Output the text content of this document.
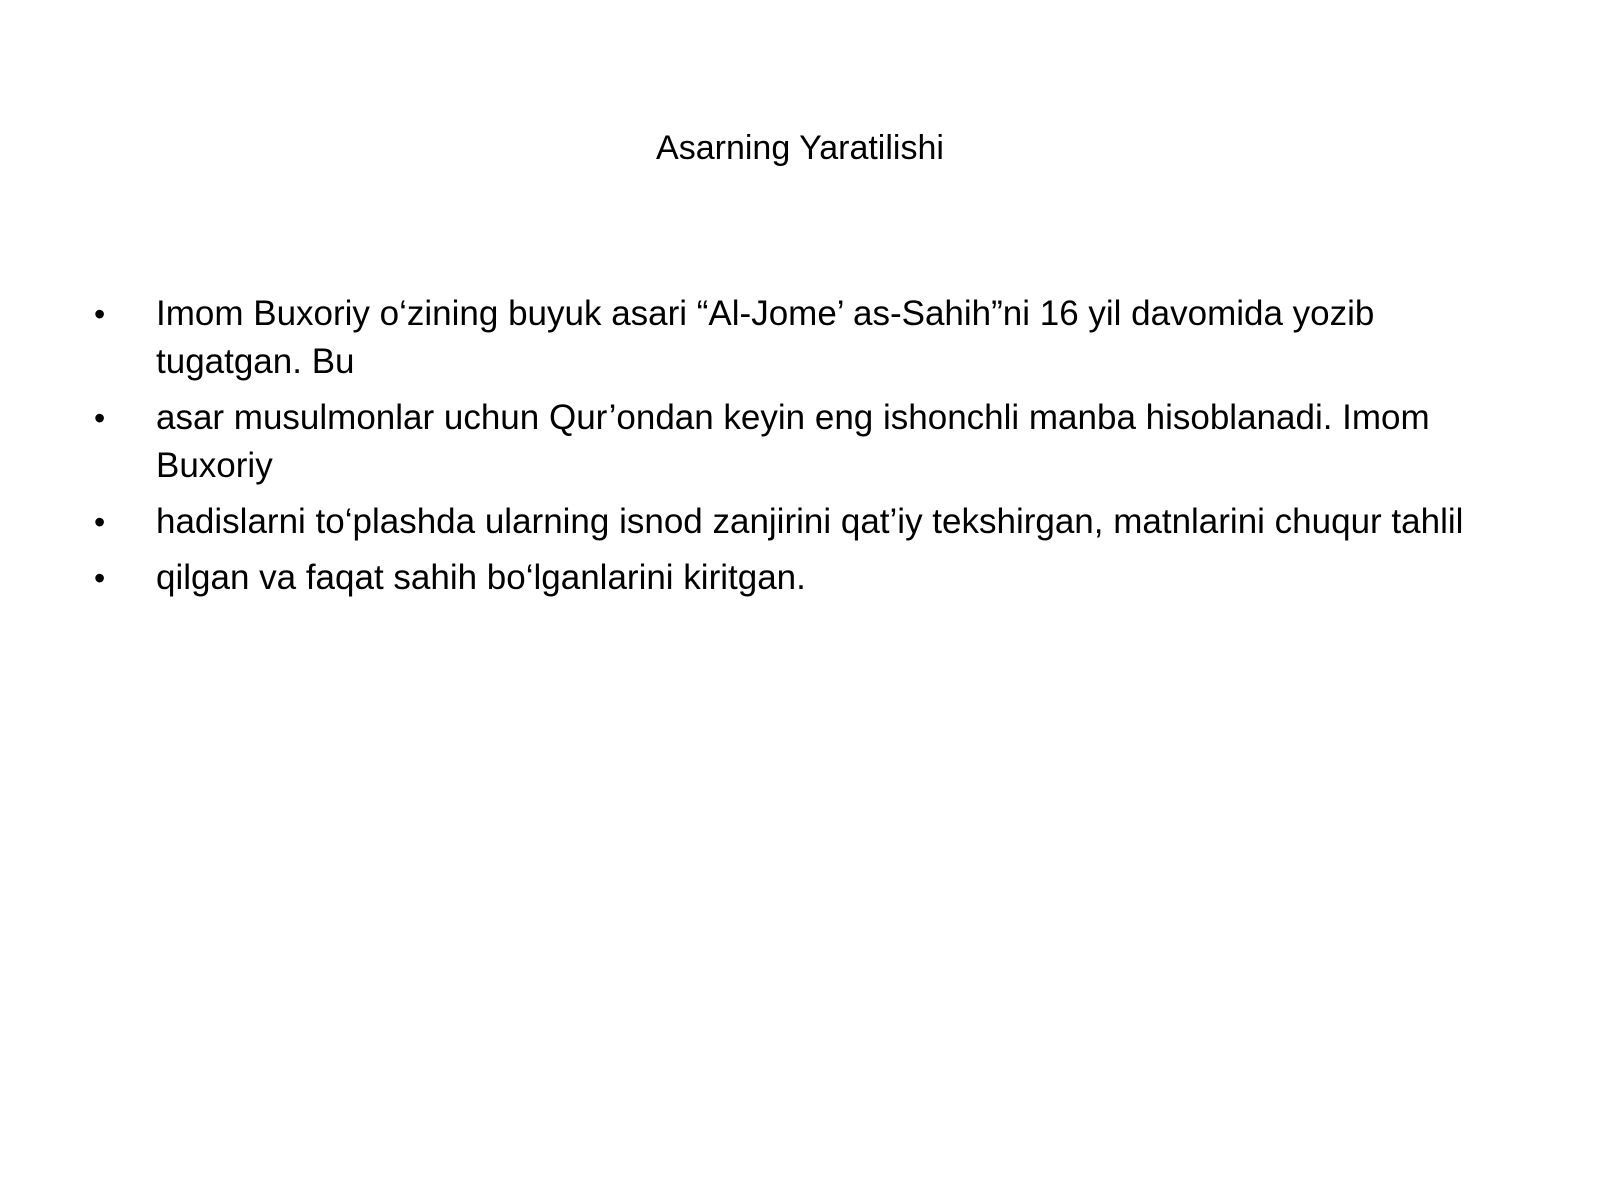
Asarning Yaratilishi
• Imom Buxoriy o‘zining buyuk asari “Al-Jome’ as-Sahih”ni 16 yil davomida yozib tugatgan. Bu
• asar musulmonlar uchun Qur’ondan keyin eng ishonchli manba hisoblanadi. Imom Buxoriy
• hadislarni to‘plashda ularning isnod zanjirini qat’iy tekshirgan, matnlarini chuqur tahlil
• qilgan va faqat sahih bo‘lganlarini kiritgan.
